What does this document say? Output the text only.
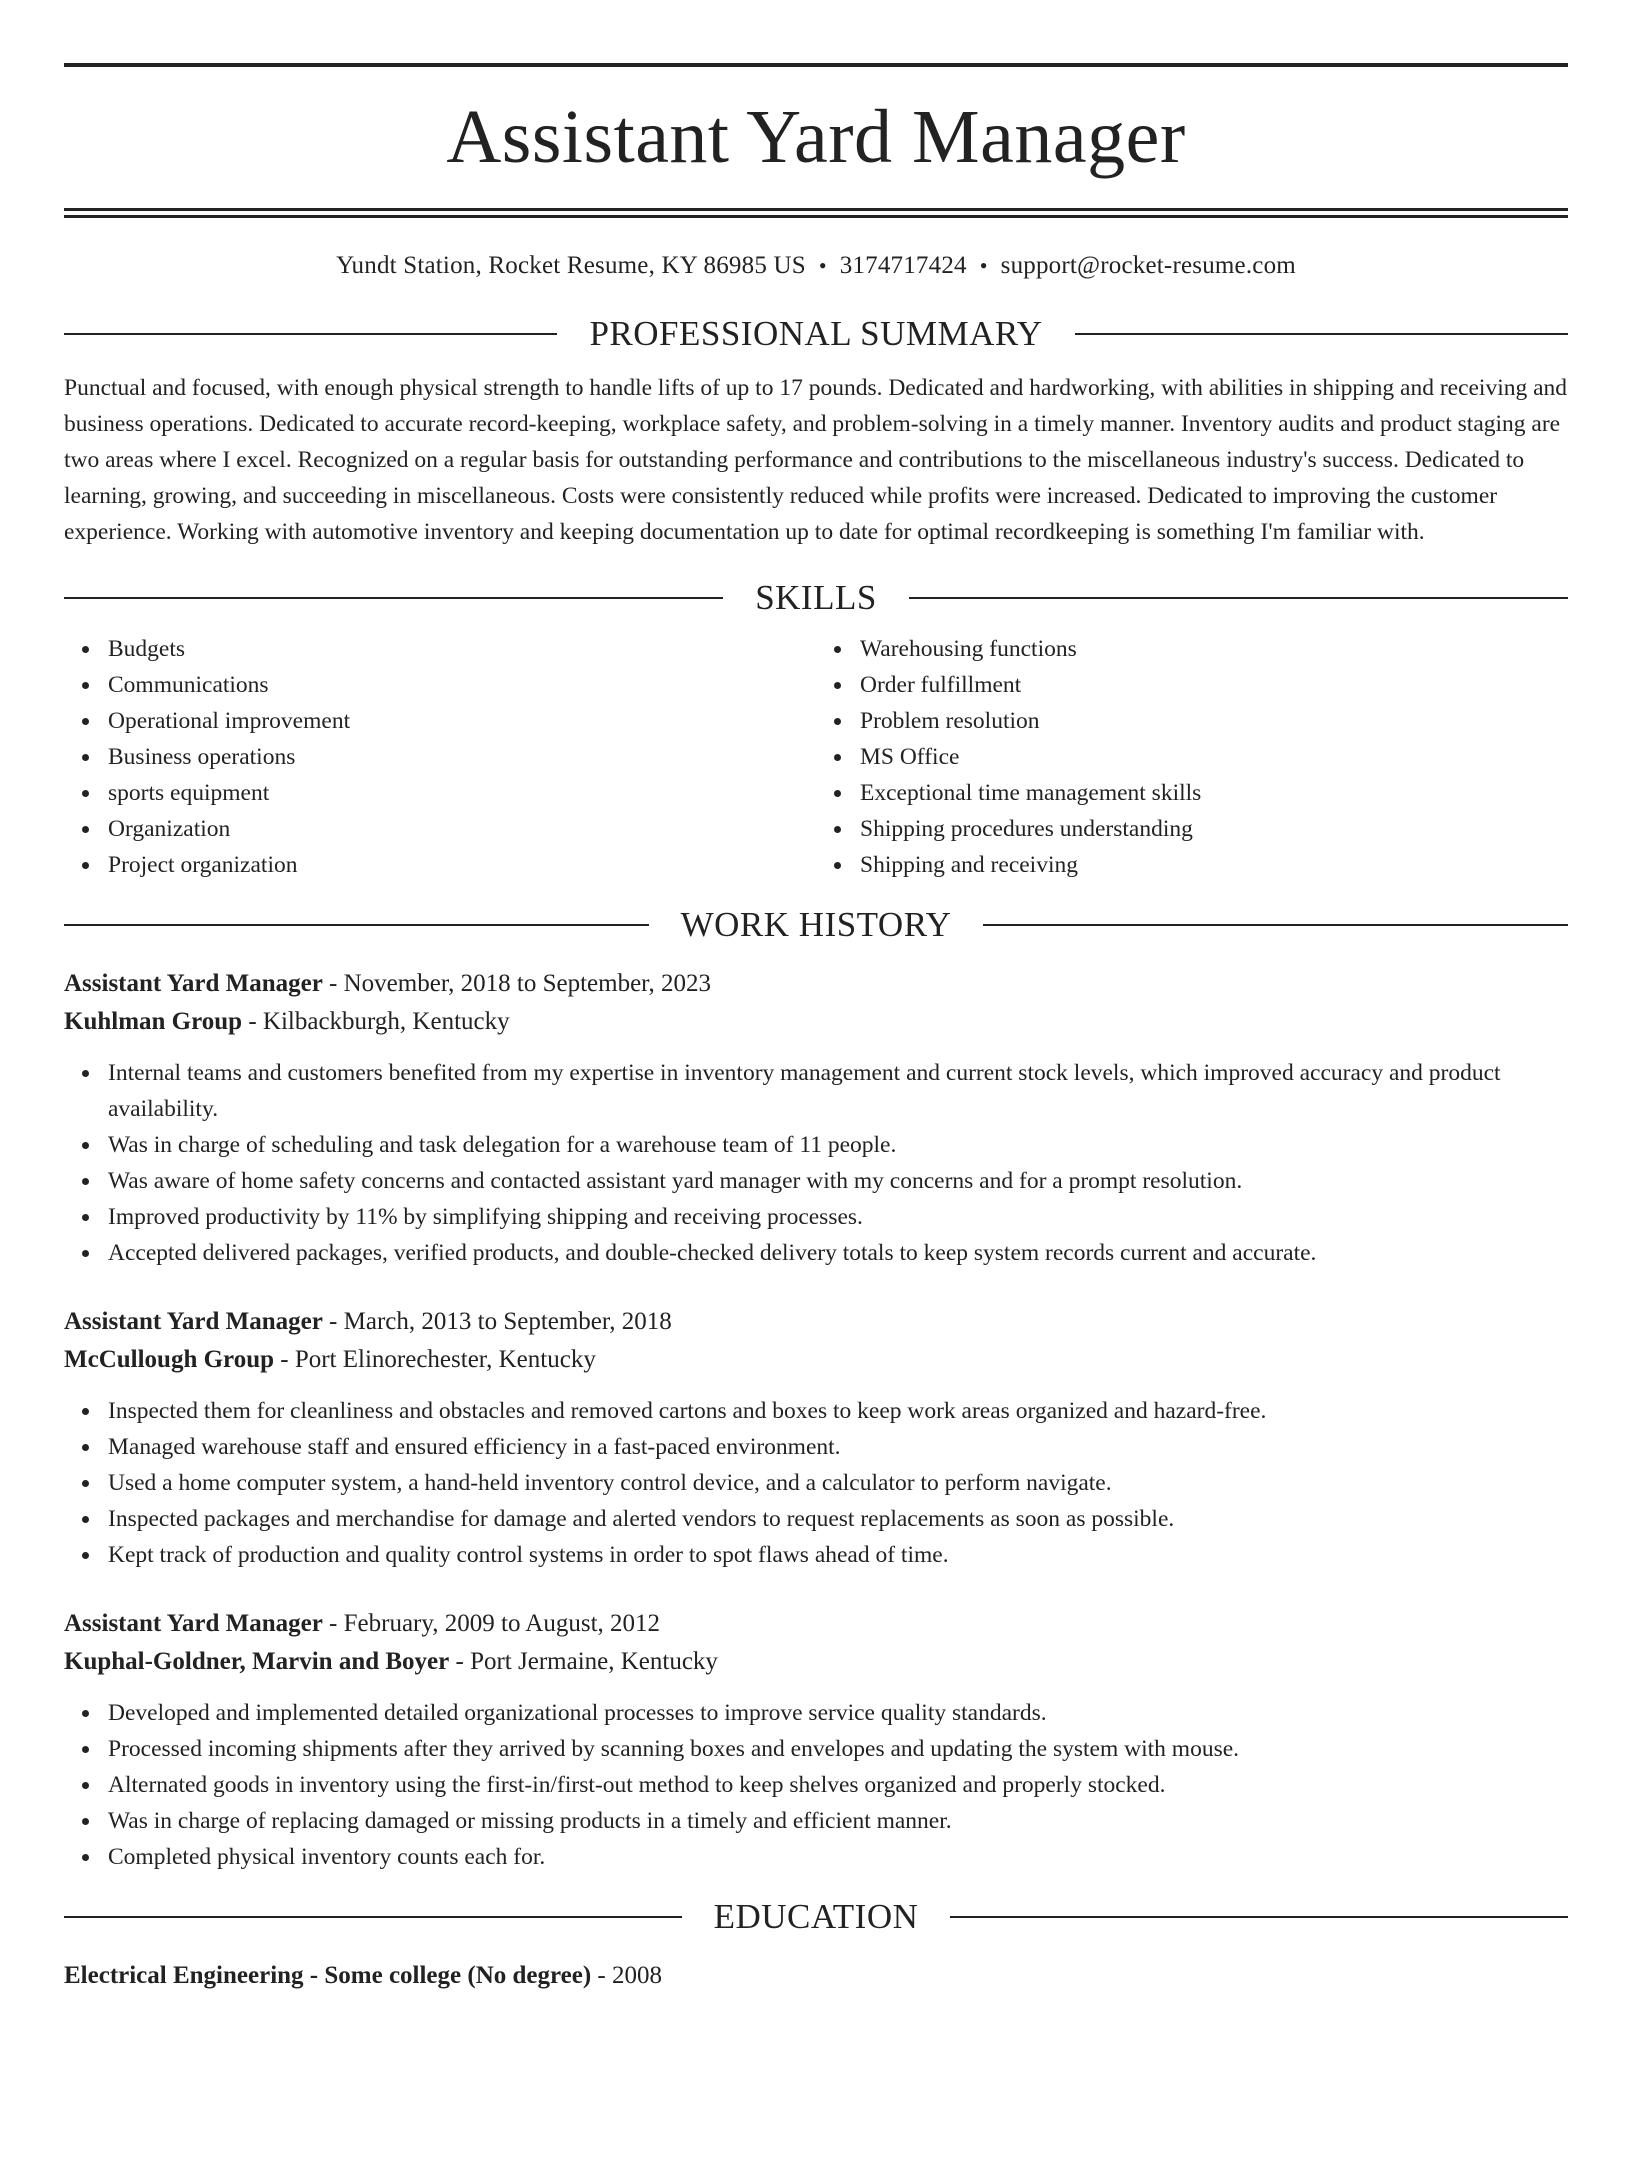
Assistant Yard Manager
Yundt Station, Rocket Resume, KY 86985 US • 3174717424 • support@rocket-resume.com
PROFESSIONAL SUMMARY

Punctual and focused, with enough physical strength to handle lifts of up to 17 pounds. Dedicated and hardworking, with abilities in shipping and receiving and business operations. Dedicated to accurate record-keeping, workplace safety, and problem-solving in a timely manner. Inventory audits and product staging are two areas where I excel. Recognized on a regular basis for outstanding performance and contributions to the miscellaneous industry's success. Dedicated to learning, growing, and succeeding in miscellaneous. Costs were consistently reduced while profits were increased. Dedicated to improving the customer experience. Working with automotive inventory and keeping documentation up to date for optimal recordkeeping is something I'm familiar with.

SKILLS
Budgets
Communications
Operational improvement
Business operations
sports equipment
Organization
Project organization
Warehousing functions
Order fulfillment
Problem resolution
MS Office
Exceptional time management skills
Shipping procedures understanding
Shipping and receiving
WORK HISTORY
Assistant Yard Manager - November, 2018 to September, 2023
Kuhlman Group - Kilbackburgh, Kentucky
Internal teams and customers benefited from my expertise in inventory management and current stock levels, which improved accuracy and product availability.
Was in charge of scheduling and task delegation for a warehouse team of 11 people.
Was aware of home safety concerns and contacted assistant yard manager with my concerns and for a prompt resolution.
Improved productivity by 11% by simplifying shipping and receiving processes.
Accepted delivered packages, verified products, and double-checked delivery totals to keep system records current and accurate.
Assistant Yard Manager - March, 2013 to September, 2018
McCullough Group - Port Elinorechester, Kentucky
Inspected them for cleanliness and obstacles and removed cartons and boxes to keep work areas organized and hazard-free.
Managed warehouse staff and ensured efficiency in a fast-paced environment.
Used a home computer system, a hand-held inventory control device, and a calculator to perform navigate.
Inspected packages and merchandise for damage and alerted vendors to request replacements as soon as possible.
Kept track of production and quality control systems in order to spot flaws ahead of time.
Assistant Yard Manager - February, 2009 to August, 2012
Kuphal-Goldner, Marvin and Boyer - Port Jermaine, Kentucky
Developed and implemented detailed organizational processes to improve service quality standards.
Processed incoming shipments after they arrived by scanning boxes and envelopes and updating the system with mouse.
Alternated goods in inventory using the first-in/first-out method to keep shelves organized and properly stocked.
Was in charge of replacing damaged or missing products in a timely and efficient manner.
Completed physical inventory counts each for.
EDUCATION
Electrical Engineering - Some college (No degree) - 2008
